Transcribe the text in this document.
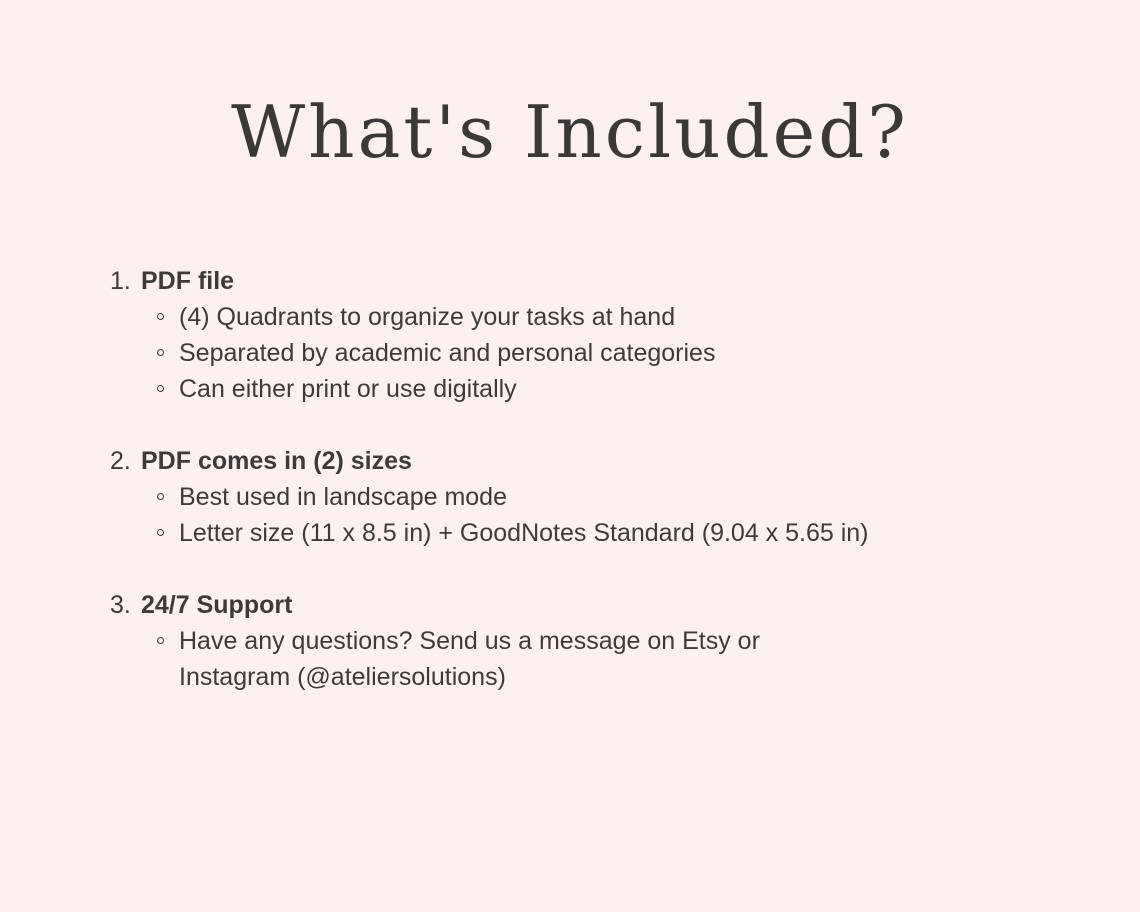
What's Included?
1. PDF file
(4) Quadrants to organize your tasks at hand
Separated by academic and personal categories
Can either print or use digitally
2. PDF comes in (2) sizes
Best used in landscape mode
Letter size (11 x 8.5 in) + GoodNotes Standard (9.04 x 5.65 in)
3. 24/7 Support
Have any questions? Send us a message on Etsy or Instagram (@ateliersolutions)
